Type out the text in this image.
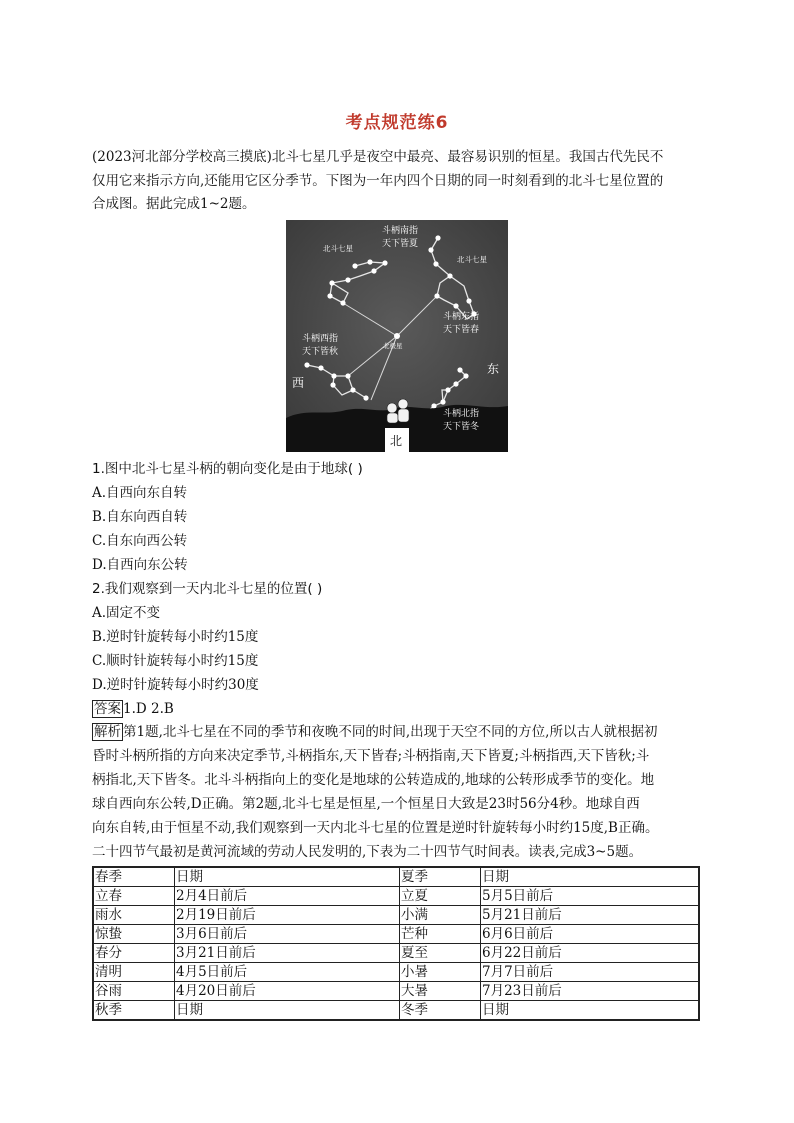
考点规范练6

(2023河北部分学校高三摸底)北斗七星几乎是夜空中最亮、最容易识别的恒星。我国古代先民不

仅用它来指示方向,还能用它区分季节。下图为一年内四个日期的同一时刻看到的北斗七星位置的

合成图。据此完成1~2题。

北斗七星
斗柄南指
天下皆夏
北斗七星
斗柄东指
天下皆春
斗柄西指
天下皆秋
北极星
西
东
斗柄北指
天下皆冬
北
1.图中北斗七星斗柄的朝向变化是由于地球( )
A.自西向东自转
B.自东向西自转
C.自东向西公转
D.自西向东公转
2.我们观察到一天内北斗七星的位置( )
A.固定不变
B.逆时针旋转每小时约15度
C.顺时针旋转每小时约15度
D.逆时针旋转每小时约30度
答案 1.D 2.B

解析 第1题,北斗七星在不同的季节和夜晚不同的时间,出现于天空不同的方位,所以古人就根据初

昏时斗柄所指的方向来决定季节,斗柄指东,天下皆春;斗柄指南,天下皆夏;斗柄指西,天下皆秋;斗

柄指北,天下皆冬。北斗斗柄指向上的变化是地球的公转造成的,地球的公转形成季节的变化。地

球自西向东公转,D正确。第2题,北斗七星是恒星,一个恒星日大致是23时56分4秒。地球自西

向东自转,由于恒星不动,我们观察到一天内北斗七星的位置是逆时针旋转每小时约15度,B正确。

二十四节气最初是黄河流域的劳动人民发明的,下表为二十四节气时间表。读表,完成3~5题。

春季	日期	夏季	日期
立春	2月4日前后	立夏	5月5日前后
雨水	2月19日前后	小满	5月21日前后
惊蛰	3月6日前后	芒种	6月6日前后
春分	3月21日前后	夏至	6月22日前后
清明	4月5日前后	小暑	7月7日前后
谷雨	4月20日前后	大暑	7月23日前后
秋季	日期	冬季	日期
